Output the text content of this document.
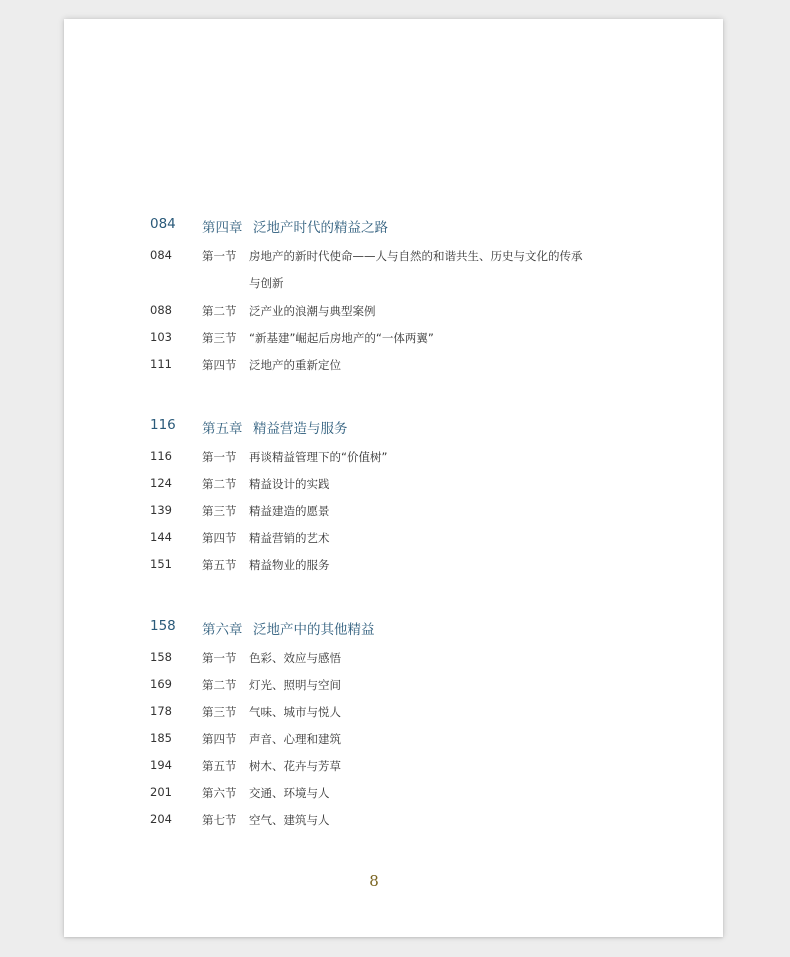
084 第四章 泛地产时代的精益之路
084	第一节 房地产的新时代使命——人与自然的和谐共生、历史与文化的传承
与创新
088	第二节 泛产业的浪潮与典型案例
103	第三节 “新基建”崛起后房地产的“一体两翼”
111	第四节 泛地产的重新定位
116 第五章 精益营造与服务
116	第一节 再谈精益管理下的“价值树”
124	第二节 精益设计的实践
139	第三节 精益建造的愿景
144	第四节 精益营销的艺术
151	第五节 精益物业的服务
158 第六章 泛地产中的其他精益
158	第一节 色彩、效应与感悟
169	第二节 灯光、照明与空间
178	第三节 气味、城市与悦人
185	第四节 声音、心理和建筑
194	第五节 树木、花卉与芳草
201	第六节 交通、环境与人
204	第七节 空气、建筑与人
8
